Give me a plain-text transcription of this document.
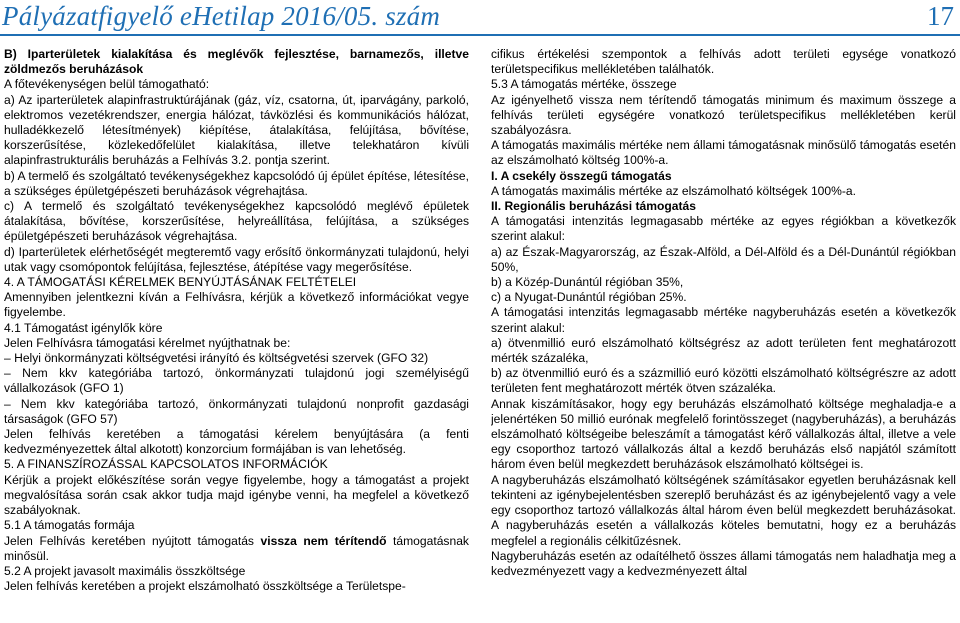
Pályázatfigyelő eHetilap 2016/05. szám	17

B) Iparterületek kialakítása és meglévők fejlesztése, barnamezős, illetve zöldmezős beruházások

A főtevékenységen belül támogatható:

a) Az iparterületek alapinfrastruktúrájának (gáz, víz, csatorna, út, iparvágány, parkoló, elektromos vezetékrendszer, energia hálózat, távközlési és kommunikációs hálózat, hulladékkezelő létesítmények) kiépítése, átalakítása, felújítása, bővítése, korszerűsítése, közlekedőfelület kialakítása, illetve telekhatáron kívüli alapinfrastrukturális beruházás a Felhívás 3.2. pontja szerint.

b) A termelő és szolgáltató tevékenységekhez kapcsolódó új épület építése, létesítése, a szükséges épületgépészeti beruházások végrehajtása.

c) A termelő és szolgáltató tevékenységekhez kapcsolódó meglévő épületek átalakítása, bővítése, korszerűsítése, helyreállítása, felújítása, a szükséges épületgépészeti beruházások végrehajtása.

d) Iparterületek elérhetőségét megteremtő vagy erősítő önkormányzati tulajdonú, helyi utak vagy csomópontok felújítása, fejlesztése, átépítése vagy megerősítése.

4. A TÁMOGATÁSI KÉRELMEK BENYÚJTÁSÁNAK FELTÉTELEI

Amennyiben jelentkezni kíván a Felhívásra, kérjük a következő információkat vegye figyelembe.

4.1 Támogatást igénylők köre

Jelen Felhívásra támogatási kérelmet nyújthatnak be:

– Helyi önkormányzati költségvetési irányító és költségvetési szervek (GFO 32)

– Nem kkv kategóriába tartozó, önkormányzati tulajdonú jogi személyiségű vállalkozások (GFO 1)

– Nem kkv kategóriába tartozó, önkormányzati tulajdonú nonprofit gazdasági társaságok (GFO 57)

Jelen felhívás keretében a támogatási kérelem benyújtására (a fenti kedvezményezettek által alkotott) konzorcium formájában is van lehetőség.

5. A FINANSZÍROZÁSSAL KAPCSOLATOS INFORMÁCIÓK

Kérjük a projekt előkészítése során vegye figyelembe, hogy a támogatást a projekt megvalósítása során csak akkor tudja majd igénybe venni, ha megfelel a következő szabályoknak.

5.1 A támogatás formája

Jelen Felhívás keretében nyújtott támogatás vissza nem térítendő támogatásnak minősül.

5.2 A projekt javasolt maximális összköltsége

Jelen felhívás keretében a projekt elszámolható összköltsége a Területspe-

cifikus értékelési szempontok a felhívás adott területi egysége vonatkozó területspecifikus mellékletében találhatók.

5.3 A támogatás mértéke, összege

Az igényelhető vissza nem térítendő támogatás minimum és maximum összege a felhívás területi egységére vonatkozó területspecifikus mellékletében kerül szabályozásra.

A támogatás maximális mértéke nem állami támogatásnak minősülő támogatás esetén az elszámolható költség 100%-a.

I. A csekély összegű támogatás

A támogatás maximális mértéke az elszámolható költségek 100%-a.

II. Regionális beruházási támogatás

A támogatási intenzitás legmagasabb mértéke az egyes régiókban a következők szerint alakul:

a) az Észak-Magyarország, az Észak-Alföld, a Dél-Alföld és a Dél-Dunántúl régiókban 50%,

b) a Közép-Dunántúl régióban 35%,

c) a Nyugat-Dunántúl régióban 25%.

A támogatási intenzitás legmagasabb mértéke nagyberuházás esetén a következők szerint alakul:

a) ötvenmillió euró elszámolható költségrész az adott területen fent meghatározott mérték százaléka,

b) az ötvenmillió euró és a százmillió euró közötti elszámolható költségrészre az adott területen fent meghatározott mérték ötven százaléka.

Annak kiszámításakor, hogy egy beruházás elszámolható költsége meghaladja-e a jelenértéken 50 millió eurónak megfelelő forintösszeget (nagyberuházás), a beruházás elszámolható költségeibe beleszámít a támogatást kérő vállalkozás által, illetve a vele egy csoporthoz tartozó vállalkozás által a kezdő beruházás első napjától számított három éven belül megkezdett beruházások elszámolható költségei is.

A nagyberuházás elszámolható költségének számításakor egyetlen beruházásnak kell tekinteni az igénybejelentésben szereplő beruházást és az igénybejelentő vagy a vele egy csoporthoz tartozó vállalkozás által három éven belül megkezdett beruházásokat. A nagyberuházás esetén a vállalkozás köteles bemutatni, hogy ez a beruházás megfelel a regionális célkitűzésnek.

Nagyberuházás esetén az odaítélhető összes állami támogatás nem haladhatja meg a kedvezményezett vagy a kedvezményezett által
